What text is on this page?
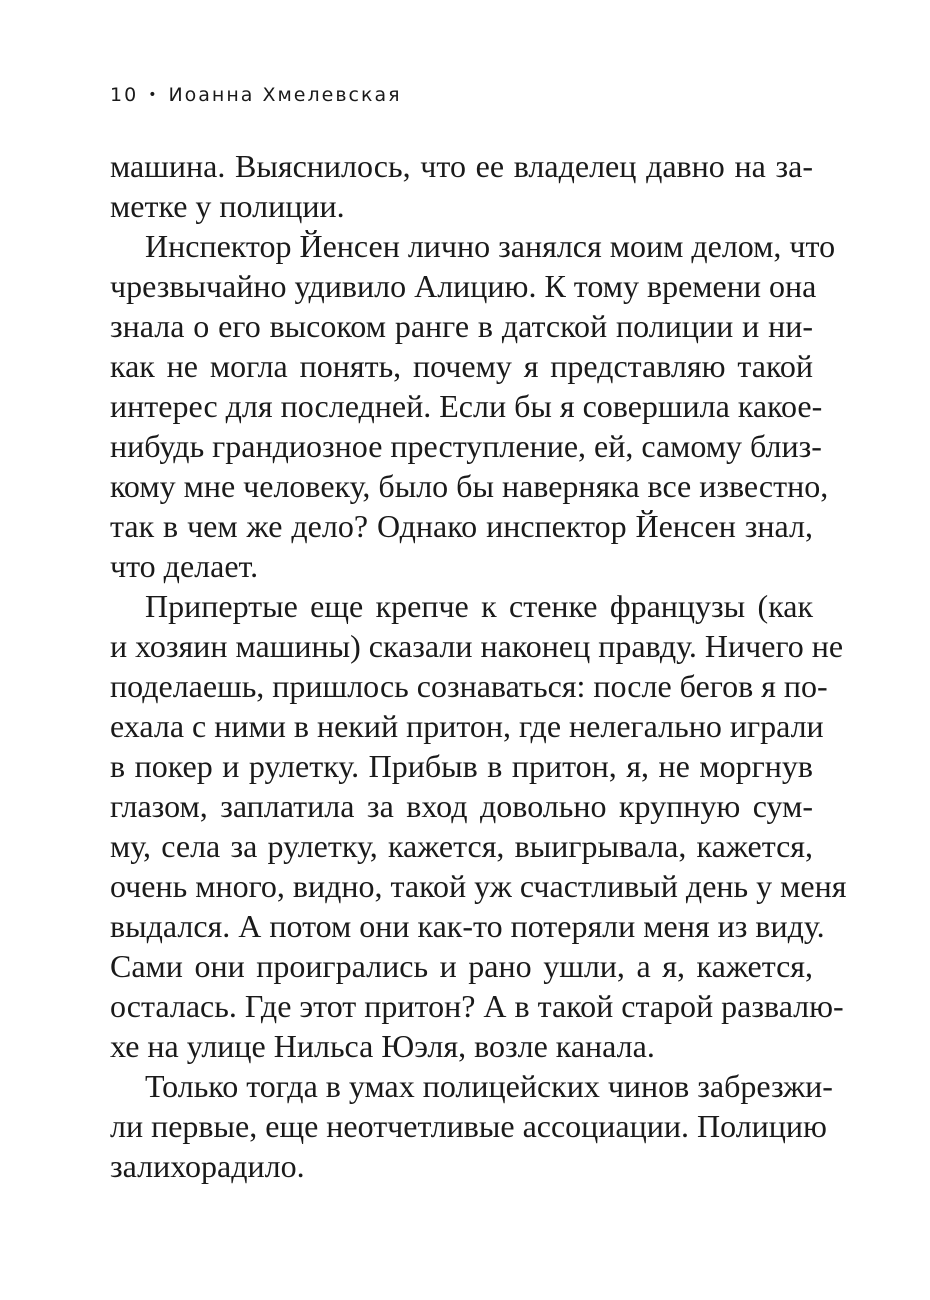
10 • Иоанна Хмелевская
машина. Выяснилось, что ее владелец давно на за-
метке у полиции.
Инспектор Йенсен лично занялся моим делом, что
чрезвычайно удивило Алицию. К тому времени она
знала о его высоком ранге в датской полиции и ни-
как не могла понять, почему я представляю такой
интерес для последней. Если бы я совершила какое-
нибудь грандиозное преступление, ей, самому близ-
кому мне человеку, было бы наверняка все известно,
так в чем же дело? Однако инспектор Йенсен знал,
что делает.
Припертые еще крепче к стенке французы (как
и хозяин машины) сказали наконец правду. Ничего не
поделаешь, пришлось сознаваться: после бегов я по-
ехала с ними в некий притон, где нелегально играли
в покер и рулетку. Прибыв в притон, я, не моргнув
глазом, заплатила за вход довольно крупную сум-
му, села за рулетку, кажется, выигрывала, кажется,
очень много, видно, такой уж счастливый день у меня
выдался. А потом они как-то потеряли меня из виду.
Сами они проигрались и рано ушли, а я, кажется,
осталась. Где этот притон? А в такой старой развалю-
хе на улице Нильса Юэля, возле канала.
Только тогда в умах полицейских чинов забрезжи-
ли первые, еще неотчетливые ассоциации. Полицию
залихорадило.
